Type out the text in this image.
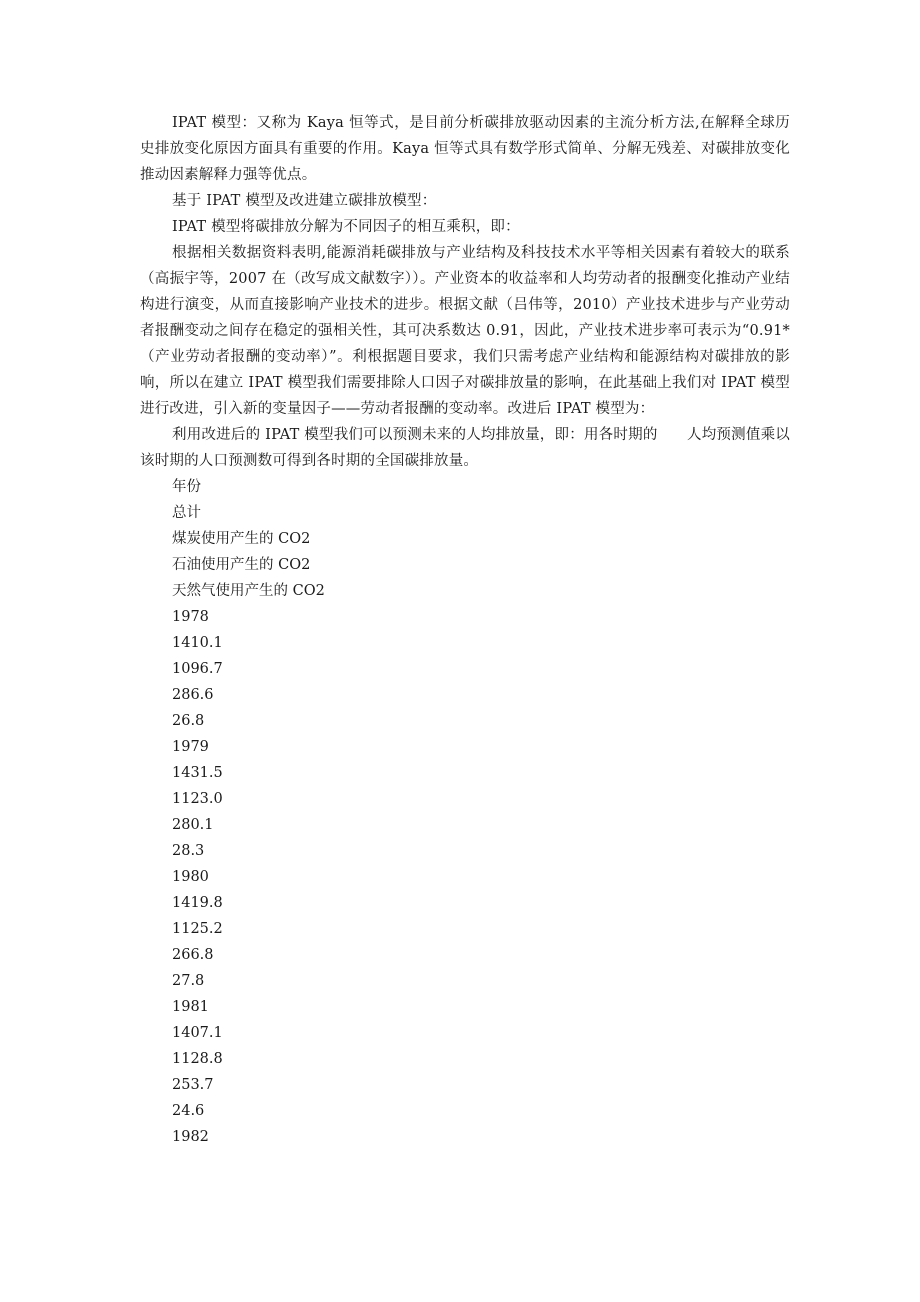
IPAT 模型：又称为 Kaya 恒等式，是目前分析碳排放驱动因素的主流分析方法,在解释全球历史排放变化原因方面具有重要的作用。Kaya 恒等式具有数学形式简单、分解无残差、对碳排放变化推动因素解释力强等优点。

基于 IPAT 模型及改进建立碳排放模型：

IPAT 模型将碳排放分解为不同因子的相互乘积，即：

根据相关数据资料表明,能源消耗碳排放与产业结构及科技技术水平等相关因素有着较大的联系（高振宇等，2007 在（改写成文献数字））。产业资本的收益率和人均劳动者的报酬变化推动产业结构进行演变，从而直接影响产业技术的进步。根据文献（吕伟等，2010）产业技术进步与产业劳动者报酬变动之间存在稳定的强相关性，其可决系数达 0.91，因此，产业技术进步率可表示为“0.91*（产业劳动者报酬的变动率）”。利根据题目要求，我们只需考虑产业结构和能源结构对碳排放的影响，所以在建立 IPAT 模型我们需要排除人口因子对碳排放量的影响，在此基础上我们对 IPAT 模型进行改进，引入新的变量因子——劳动者报酬的变动率。改进后 IPAT 模型为：

利用改进后的 IPAT 模型我们可以预测未来的人均排放量，即：用各时期的　　人均预测值乘以该时期的人口预测数可得到各时期的全国碳排放量。

年份
总计
煤炭使用产生的 CO2
石油使用产生的 CO2
天然气使用产生的 CO2
1978
1410.1
1096.7
286.6
26.8
1979
1431.5
1123.0
280.1
28.3
1980
1419.8
1125.2
266.8
27.8
1981
1407.1
1128.8
253.7
24.6
1982
